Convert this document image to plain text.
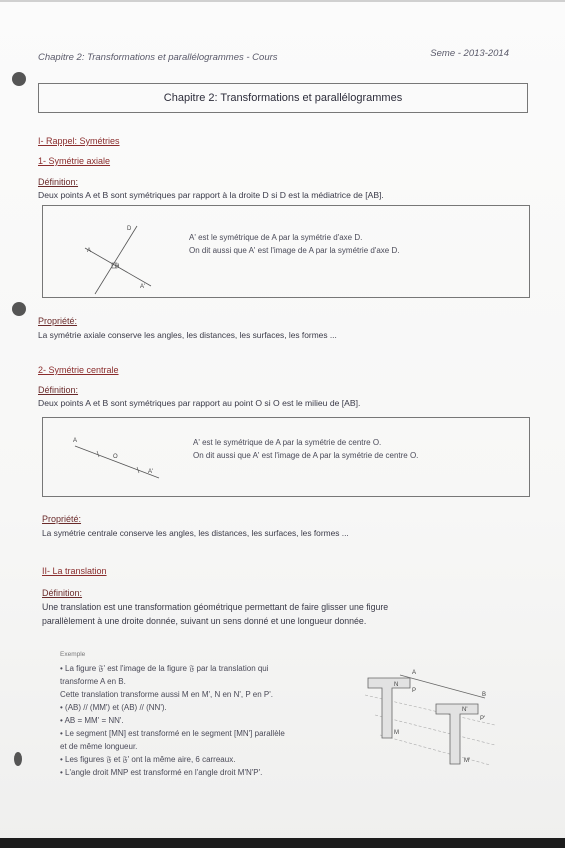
Chapitre 2: Transformations et parallélogrammes - Cours	Seme - 2013-2014
Chapitre 2: Transformations et parallélogrammes
I- Rappel: Symétries
1- Symétrie axiale
Définition:
Deux points A et B sont symétriques par rapport à la droite D si D est la médiatrice de [AB].
D
A
H
A'
A' est le symétrique de A par la symétrie d'axe D.
On dit aussi que A' est l'image de A par la symétrie d'axe D.
Propriété:
La symétrie axiale conserve les angles, les distances, les surfaces, les formes ...
2- Symétrie centrale
Définition:
Deux points A et B sont symétriques par rapport au point O si O est le milieu de [AB].
A
O
A'
A' est le symétrique de A par la symétrie de centre O.
On dit aussi que A' est l'image de A par la symétrie de centre O.
Propriété:
La symétrie centrale conserve les angles, les distances, les surfaces, les formes ...
II- La translation
Définition:
Une translation est une transformation géométrique permettant de faire glisser une figure
parallèlement à une droite donnée, suivant un sens donné et une longueur donnée.
Exemple
• La figure 𝔉' est l'image de la figure 𝔉 par la translation qui
transforme A en B.
Cette translation transforme aussi M en M', N en N', P en P'.
• (AB) // (MM') et (AB) // (NN').
• AB = MM' = NN'.
• Le segment [MN] est transformé en le segment [MN'] parallèle
et de même longueur.
• Les figures 𝔉 et 𝔉' ont la même aire, 6 carreaux.
• L'angle droit MNP est transformé en l'angle droit M'N'P'.
A
B
N
P
M
N'
P'
M'
